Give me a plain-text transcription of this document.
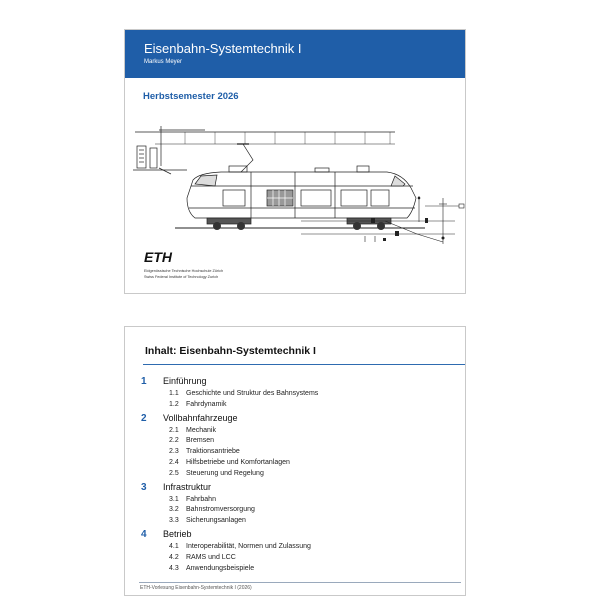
Eisenbahn-Systemtechnik I
Markus Meyer
Herbstsemester 2026
ETH
Eidgenössische Technische Hochschule Zürich
Swiss Federal Institute of Technology Zurich
Inhalt: Eisenbahn-Systemtechnik I
1	Einführung
1.1	Geschichte und Struktur des Bahnsystems
1.2	Fahrdynamik
2	Vollbahnfahrzeuge
2.1	Mechanik
2.2	Bremsen
2.3	Traktionsantriebe
2.4	Hilfsbetriebe und Komfortanlagen
2.5	Steuerung und Regelung
3	Infrastruktur
3.1	Fahrbahn
3.2	Bahnstromversorgung
3.3	Sicherungsanlagen
4	Betrieb
4.1	Interoperabilität, Normen und Zulassung
4.2	RAMS und LCC
4.3	Anwendungsbeispiele
ETH-Vorlesung Eisenbahn-Systemtechnik I (2026)
